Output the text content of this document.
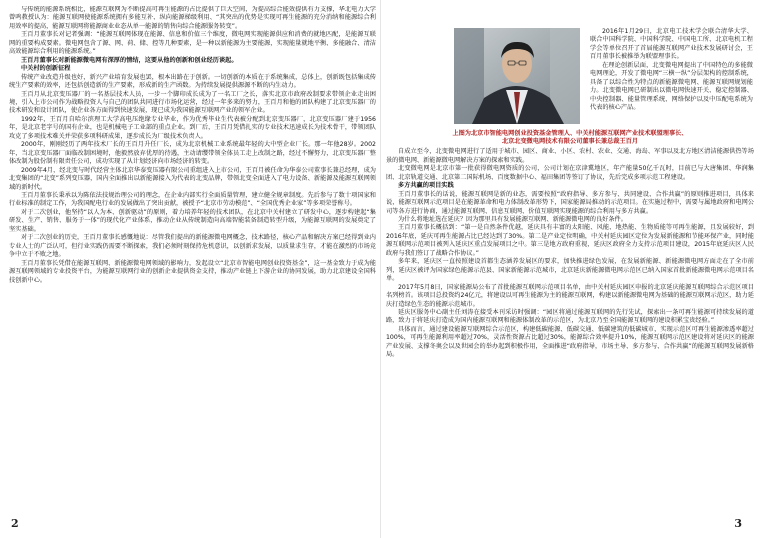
与传统的能源系统相比，能源互联网为不断提高可再生能源的占比提供了巨大空间，为提高综合能效提供有力支撑，华北电力大学曾鸣教授认为：能源互联网使能源系统拥有多能互补、纵向能源梯级利用、“其突出的优势是实现可再生能源的充分消纳和能源综合利用效率的提高，能源互联网将能源商业业态从单一能源的销售向综合能源服务转变”。

王百月董事长对记者强调：“能源互联网体现在能源、信息和价值三个维度，微电网实现能源供应和消费的就地匹配，是能源互联网的重要构成要素。微电网包含了源、网、荷、储、控等几种要素，是一种以新能源为主要能源，实现能量就地平衡、多能融合、清洁高效能源综合利用的能源系统。”

王百月董事长对新能源微电网有深厚的情结，这要从他的创新和创业经历谈起。

中关村的创新征程

传统产业改造升级也好，新兴产业培育发展也罢，根本出路在于创新。一切创新的本质在于系统集成，总体上，创新既包括集成传统生产要素的效率，还包括创造新的生产要素，形成新的生产函数。为持续发展提供源源不断的内生动力。

王百月从北京变压器厂的一名基层技术人员，一步一个脚印成长成为了一名工厂之长，落实北京市政府改制要求带领企业走出困境，引入上市公司作为战略投资人与自己的团队共同进行市场化运营，经过一年多来的努力，王百月和他的团队构建了北京变压器厂的技术研发和设计团队，使企业各方面得到快速发展，现已成为我国能源互联网产业的领军企业。

1992年，王百月自哈尔滨理工大学高电压绝缘专业毕业，作为优秀毕业生代表被分配到北京变压器厂，北京变压器厂建于1956年，是北京老字号的国有企业，也是机械电子工业部的重点企业。到厂后，王百月凭借扎实的专业技术迅速成长为技术骨干，带领团队攻克了多项技术难关并荣获多项科研成果，逐步成长为厂级技术负责人。

2000年，刚刚经历了两年技术厂长的王百月升任厂长，成为北京机械工业系统最年轻的大中型企业厂长。那一年他28岁。2002年，当北京变压器厂面临改制困境时，他毅然放弃优厚的待遇，主动请缨带领全体员工走上改制之路，经过不懈努力，北京变压器厂整体改制为股份制有限责任公司，成功实现了从计划经济向市场经济的转变。

2009年4月，经北变与时代经营主体北京华泰变压器有限公司重组进入上市公司，王百月被任命为华泰公司董事长兼总经理，成为北变集团的“北变”系列变压器，国内全面推出以新能源接入为代表的北变品牌，带领北变全面进入了电力设备、新能源及能源互联网领域的新时代。

王百月董事长秉承以为陈依法技规治理公司的理念，在企业内部实行全面质量管理，建立健全规章制度。先后参与了数十项国家和行业标准的制定工作，为我国配电行业的发展做出了突出贡献，被授予“北京市劳动模范”、“全国优秀企业家”等多项荣誉称号。

对于二次创业，他坚持“以人为本、创新驱动”的原则，着力培养年轻的技术团队，在北京中关村建立了研发中心，逐步构建起“集研发、生产、销售、服务于一体”的现代化产业体系，推动企业从传统制造向高端智能装备制造转型升级，为能源互联网的发展奠定了坚实基础。

对于二次创业的历史，王百月董事长感慨地说：尽管我们提出的新能源微电网概念，技术路径，核心产品和解决方案已经得到业内专业人士的广泛认可，但行业实践仍需要不断探索，我们必须时刻保持危机意识，以创新求发展，以质量求生存，才能在激烈的市场竞争中立于不败之地。

王百月董事长凭借在能源互联网、新能源微电网领域的影响力，发起设立“北京市智能电网创业投资基金”，这一基金致力于成为能源互联网领域的专业投资平台，为能源互联网行业的创新企业提供资金支持，推动产业链上下游企业的协同发展，助力北京建设全国科技创新中心。

2

2016年1月29日，北京电工技术学会联合清华大学、联合中国科学院、中国科学院、中国电工所、北京电机工程学会等单位召开了首届能源互联网产业技术发展研讨会，王百月董事长被推举为联盟理事长。

在理论创新层面，北变微电网提出了中国特色的多能微电网理论，开发了微电网“三横一纵”分层架构的控制系统，具备了以综合性为特点的新能源微电网、能源互联网规划能力。北变微电网已研制出以微电网快速开关、稳定控制器、中央控制器、能量管理系统、网络保护以及中压配电系统为代表的核心产品。

上图为北京市智能电网创业投资基金管理人、中关村能源互联网产业技术联盟理事长、
北京北变微电网技术有限公司董事长兼总裁王百月

自成立至今，北变微电网进行了适用于城市、园区、商业、小区、农村、农业、交通、海岛、军事以及北方地区清洁能源供热等场景的微电网、新能源微电网解决方案的探索和实践。

北变微电网是北京市第一批获得微电网资质的公司，公司计划在京津冀地区，年产能量50亿千瓦时，目前已与大唐集团、华润集团、北京轨道交通、北京第二国际机场、百度数据中心、福田集团等签订了协议，先后完成多项示范工程建设。

多方共赢的项目实践

王百月董事长的话说，能源互联网是新的业态，需要按照“政府指导、多方参与、共同建设、合作共赢”的原则推进项目，具体来说，能源互联网示范项目是在能源革命和电力体制改革形势下，国家能源局推动的示范项目。在实施过程中，需要与属地政府和电网公司等各方进行协商，通过能源互联网、信息互联网、价值互联网实现能源的综合利用与多方共赢。

为什么将地址选在延庆？因为那里具有发展能源互联网、新能源微电网的良好条件。

王百月董事长概括到：“第一是自然条件优越，延庆具有丰富的太阳能、风能、地热能、生物质能等可再生能源，且发展较好，到2016年底，延庆可再生能源占比已经达到了30%。第二是产业定位明确，中关村延庆园区定位为发展新能源和节能环保产业，同时能源互联网示范项目被列入延庆区重点发展项目之中。第三是地方政府重视，延庆区政府全力支持示范项目建设，2015年底延庆区人民政府与我们签订了战略合作协议。”

多年来，延庆区一直按照建设首都生态涵养发展区的要求，加快推进绿色发展，在发展新能源、新能源微电网方面走在了全市前列，延庆区被评为国家绿色能源示范县、国家新能源示范城市，北京延庆新能源微电网示范区已纳入国家首批新能源微电网示范项目名单。

2017年5月8日，国家能源局公布了首批能源互联网示范项目名单，由中关村延庆园区申报的北京延庆能源互联网综合示范区项目名列榜首。该项目总投资约24亿元，将建设以可再生能源为主的能源互联网，构建以新能源微电网为基础的能源互联网示范区，助力延庆打造绿色生态的能源示范城市。

延庆区服务中心副主任刘涛在接受本刊采访时强调：“园区将通过能源互联网的先行先试，探索出一条可再生能源可持续发展的道路，致力于将延庆打造成为国内能源互联网和能源体制改革的示范区，为北京乃至全国能源互联网的建设积累宝贵经验。”

具体而言，通过建设能源互联网综合示范区，构建低碳能源、低碳交通、低碳建筑的低碳城市，实现示范区可再生能源渗透率超过100%，可再生能源利用率超过70%，灵活性资源占比超过30%，能源综合效率提升10%，能源互联网示范区建设将对延庆区的能源产业发展、支撑冬奥会以及世园会的举办起到积极作用，全面推进“政府指导，市场主导、多方参与、合作共赢”的能源互联网发展新格局。

3
